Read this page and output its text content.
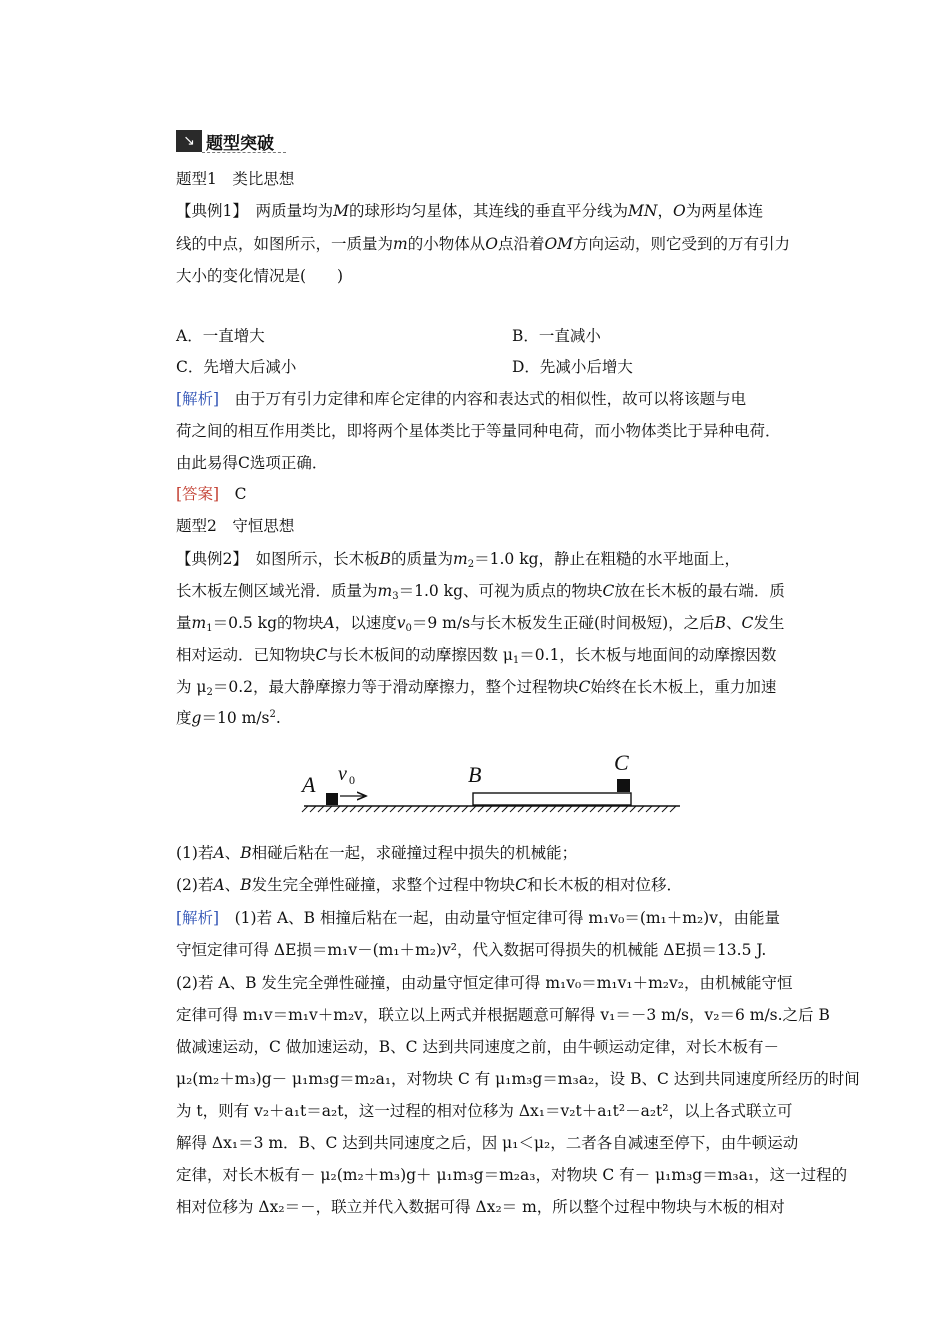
↘ 题型突破
题型1　类比思想
【典例1】　两质量均为M的球形均匀星体，其连线的垂直平分线为MN，O为两星体连
线的中点，如图所示，一质量为m的小物体从O点沿着OM方向运动，则它受到的万有引力
大小的变化情况是(　　)
A．一直增大	B．一直减小
C．先增大后减小	D．先减小后增大
[解析]　由于万有引力定律和库仑定律的内容和表达式的相似性，故可以将该题与电
荷之间的相互作用类比，即将两个星体类比于等量同种电荷，而小物体类比于异种电荷．
由此易得C选项正确．
[答案]　C
题型2　守恒思想
【典例2】　如图所示，长木板B的质量为$m_2=1.0$ kg，静止在粗糙的水平地面上，
长木板左侧区域光滑．质量为$m_3=1.0$ kg、可视为质点的物块C放在长木板的最右端．质
量$m_1=0.5$ kg的物块A，以速度$v_0=9$ m/s与长木板发生正碰(时间极短)，之后B、C发生
相对运动．已知物块C与长木板间的动摩擦因数 $\mu_1=0.1$，长木板与地面间的动摩擦因数
为 $\mu_2=0.2$，最大静摩擦力等于滑动摩擦力，整个过程物块C始终在长木板上，重力加速
度g＝10 $m/s^2$.
A v 0	B	C
(1)若A、B相碰后粘在一起，求碰撞过程中损失的机械能；
(2)若A、B发生完全弹性碰撞，求整个过程中物块C和长木板的相对位移．
[解析]　(1)若 A、B 相撞后粘在一起，由动量守恒定律可得 m₁v₀＝(m₁＋m₂)v，由能量
守恒定律可得 ΔE损＝m₁v－(m₁＋m₂)v²，代入数据可得损失的机械能 ΔE损＝13.5 J.
(2)若 A、B 发生完全弹性碰撞，由动量守恒定律可得 m₁v₀＝m₁v₁＋m₂v₂，由机械能守恒
定律可得 m₁v＝m₁v＋m₂v，联立以上两式并根据题意可解得 v₁＝－3 m/s，v₂＝6 m/s.之后 B
做减速运动，C 做加速运动，B、C 达到共同速度之前，由牛顿运动定律，对长木板有－
μ₂(m₂＋m₃)g－ μ₁m₃g＝m₂a₁，对物块 C 有 μ₁m₃g＝m₃a₂，设 B、C 达到共同速度所经历的时间
为 t，则有 v₂＋a₁t＝a₂t，这一过程的相对位移为 Δx₁＝v₂t＋a₁t²－a₂t²，以上各式联立可
解得 Δx₁＝3 m．B、C 达到共同速度之后，因 μ₁＜μ₂，二者各自减速至停下，由牛顿运动
定律，对长木板有－ μ₂(m₂＋m₃)g＋ μ₁m₃g＝m₂a₃，对物块 C 有－ μ₁m₃g＝m₃a₁，这一过程的
相对位移为 Δx₂＝－，联立并代入数据可得 Δx₂＝ m，所以整个过程中物块与木板的相对
